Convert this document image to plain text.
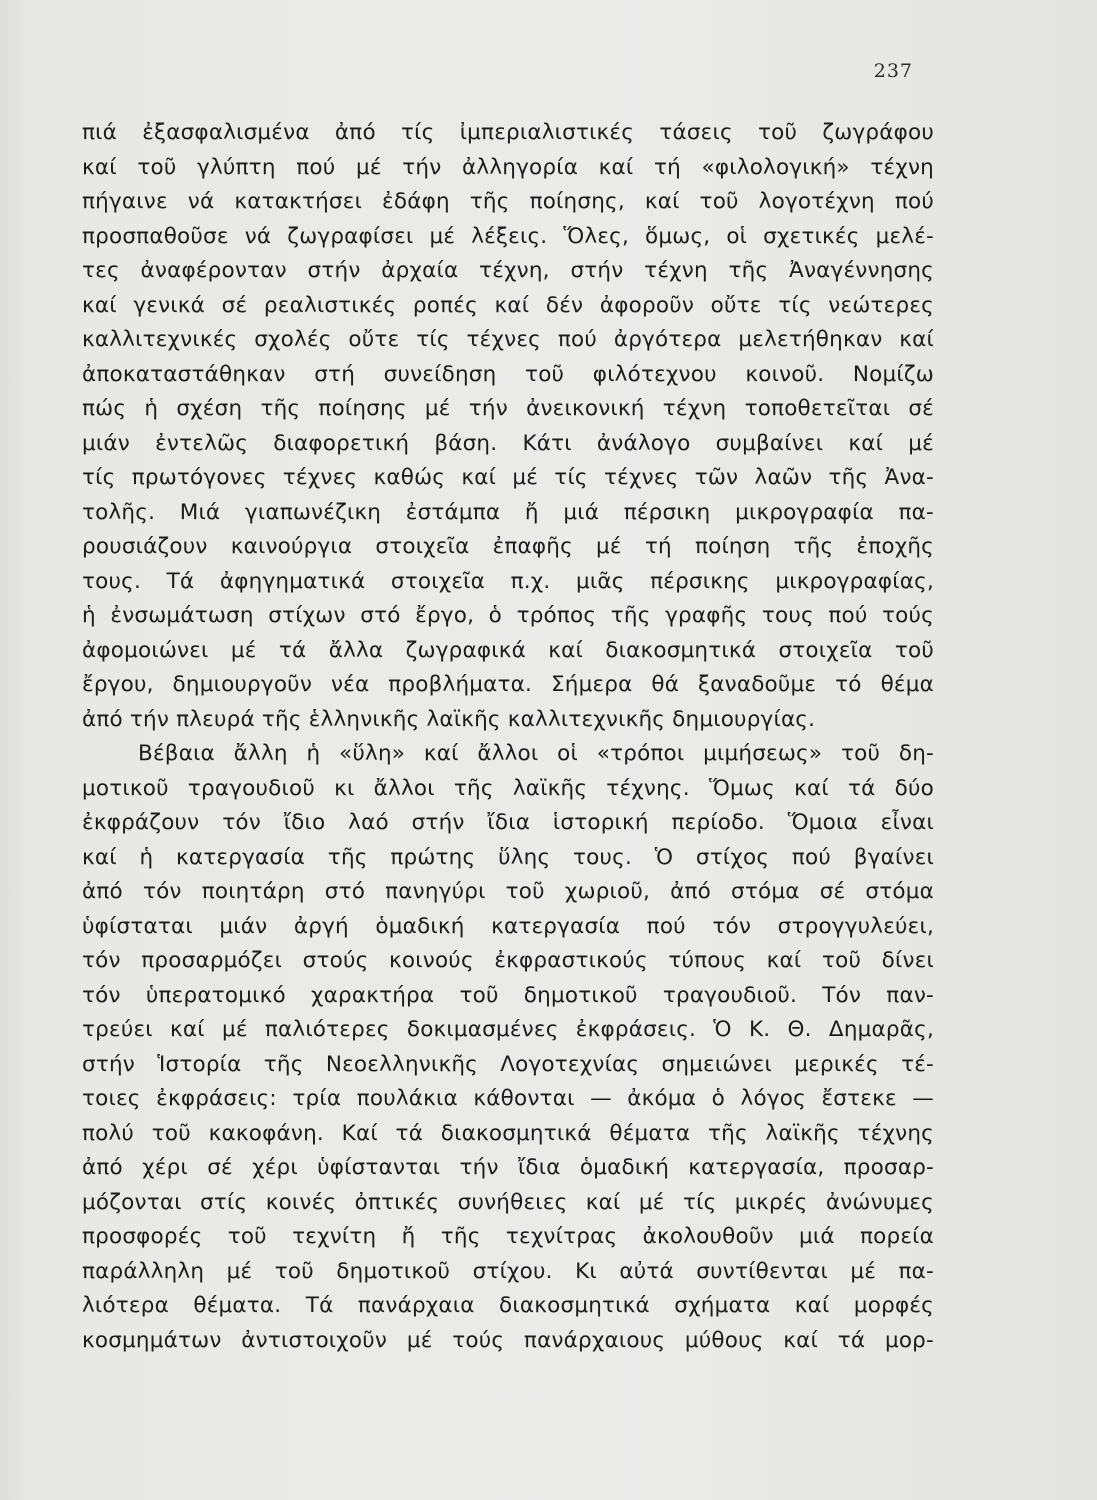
237
πιά ἐξασφαλισμένα ἀπό τίς ἰμπεριαλιστικές τάσεις τοῦ ζωγράφου
καί τοῦ γλύπτη πού μέ τήν ἀλληγορία καί τή «φιλολογική» τέχνη
πήγαινε νά κατακτήσει ἐδάφη τῆς ποίησης, καί τοῦ λογοτέχνη πού
προσπαθοῦσε νά ζωγραφίσει μέ λέξεις. Ὅλες, ὅμως, οἱ σχετικές μελέ-
τες ἀναφέρονταν στήν ἀρχαία τέχνη, στήν τέχνη τῆς Ἀναγέννησης
καί γενικά σέ ρεαλιστικές ροπές καί δέν ἀφοροῦν οὔτε τίς νεώτερες
καλλιτεχνικές σχολές οὔτε τίς τέχνες πού ἀργότερα μελετήθηκαν καί
ἀποκαταστάθηκαν στή συνείδηση τοῦ φιλότεχνου κοινοῦ. Νομίζω
πώς ἡ σχέση τῆς ποίησης μέ τήν ἀνεικονική τέχνη τοποθετεῖται σέ
μιάν ἐντελῶς διαφορετική βάση. Κάτι ἀνάλογο συμβαίνει καί μέ
τίς πρωτόγονες τέχνες καθώς καί μέ τίς τέχνες τῶν λαῶν τῆς Ἀνα-
τολῆς. Μιά γιαπωνέζικη ἐστάμπα ἤ μιά πέρσικη μικρογραφία πα-
ρουσιάζουν καινούργια στοιχεῖα ἐπαφῆς μέ τή ποίηση τῆς ἐποχῆς
τους. Τά ἀφηγηματικά στοιχεῖα π.χ. μιᾶς πέρσικης μικρογραφίας,
ἡ ἐνσωμάτωση στίχων στό ἔργο, ὁ τρόπος τῆς γραφῆς τους πού τούς
ἀφομοιώνει μέ τά ἄλλα ζωγραφικά καί διακοσμητικά στοιχεῖα τοῦ
ἔργου, δημιουργοῦν νέα προβλήματα. Σήμερα θά ξαναδοῦμε τό θέμα
ἀπό τήν πλευρά τῆς ἑλληνικῆς λαϊκῆς καλλιτεχνικῆς δημιουργίας.
Βέβαια ἄλλη ἡ «ὕλη» καί ἄλλοι οἱ «τρόποι μιμήσεως» τοῦ δη-
μοτικοῦ τραγουδιοῦ κι ἄλλοι τῆς λαϊκῆς τέχνης. Ὅμως καί τά δύο
ἐκφράζουν τόν ἴδιο λαό στήν ἴδια ἱστορική περίοδο. Ὅμοια εἶναι
καί ἡ κατεργασία τῆς πρώτης ὕλης τους. Ὁ στίχος πού βγαίνει
ἀπό τόν ποιητάρη στό πανηγύρι τοῦ χωριοῦ, ἀπό στόμα σέ στόμα
ὑφίσταται μιάν ἀργή ὁμαδική κατεργασία πού τόν στρογγυλεύει,
τόν προσαρμόζει στούς κοινούς ἐκφραστικούς τύπους καί τοῦ δίνει
τόν ὑπερατομικό χαρακτήρα τοῦ δημοτικοῦ τραγουδιοῦ. Τόν παν-
τρεύει καί μέ παλιότερες δοκιμασμένες ἐκφράσεις. Ὁ Κ. Θ. Δημαρᾶς,
στήν Ἱστορία τῆς Νεοελληνικῆς Λογοτεχνίας σημειώνει μερικές τέ-
τοιες ἐκφράσεις: τρία πουλάκια κάθονται — ἀκόμα ὁ λόγος ἔστεκε —
πολύ τοῦ κακοφάνη. Καί τά διακοσμητικά θέματα τῆς λαϊκῆς τέχνης
ἀπό χέρι σέ χέρι ὑφίστανται τήν ἴδια ὁμαδική κατεργασία, προσαρ-
μόζονται στίς κοινές ὀπτικές συνήθειες καί μέ τίς μικρές ἀνώνυμες
προσφορές τοῦ τεχνίτη ἤ τῆς τεχνίτρας ἀκολουθοῦν μιά πορεία
παράλληλη μέ τοῦ δημοτικοῦ στίχου. Κι αὐτά συντίθενται μέ πα-
λιότερα θέματα. Τά πανάρχαια διακοσμητικά σχήματα καί μορφές
κοσμημάτων ἀντιστοιχοῦν μέ τούς πανάρχαιους μύθους καί τά μορ-
